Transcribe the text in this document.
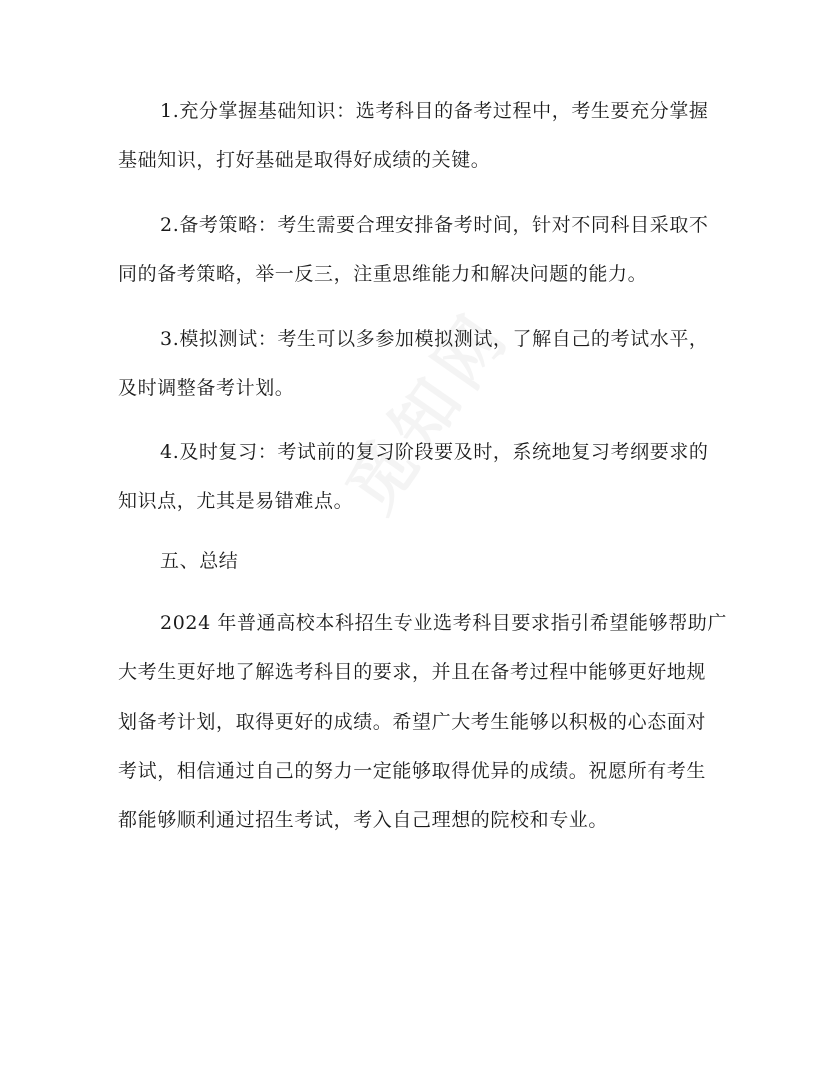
1.充分掌握基础知识：选考科目的备考过程中，考生要充分掌握
基础知识，打好基础是取得好成绩的关键。
2.备考策略：考生需要合理安排备考时间，针对不同科目采取不
同的备考策略，举一反三，注重思维能力和解决问题的能力。
3.模拟测试：考生可以多参加模拟测试，了解自己的考试水平，
及时调整备考计划。
4.及时复习：考试前的复习阶段要及时，系统地复习考纲要求的
知识点，尤其是易错难点。
五、总结
2024 年普通高校本科招生专业选考科目要求指引希望能够帮助广
大考生更好地了解选考科目的要求，并且在备考过程中能够更好地规
划备考计划，取得更好的成绩。希望广大考生能够以积极的心态面对
考试，相信通过自己的努力一定能够取得优异的成绩。祝愿所有考生
都能够顺利通过招生考试，考入自己理想的院校和专业。
